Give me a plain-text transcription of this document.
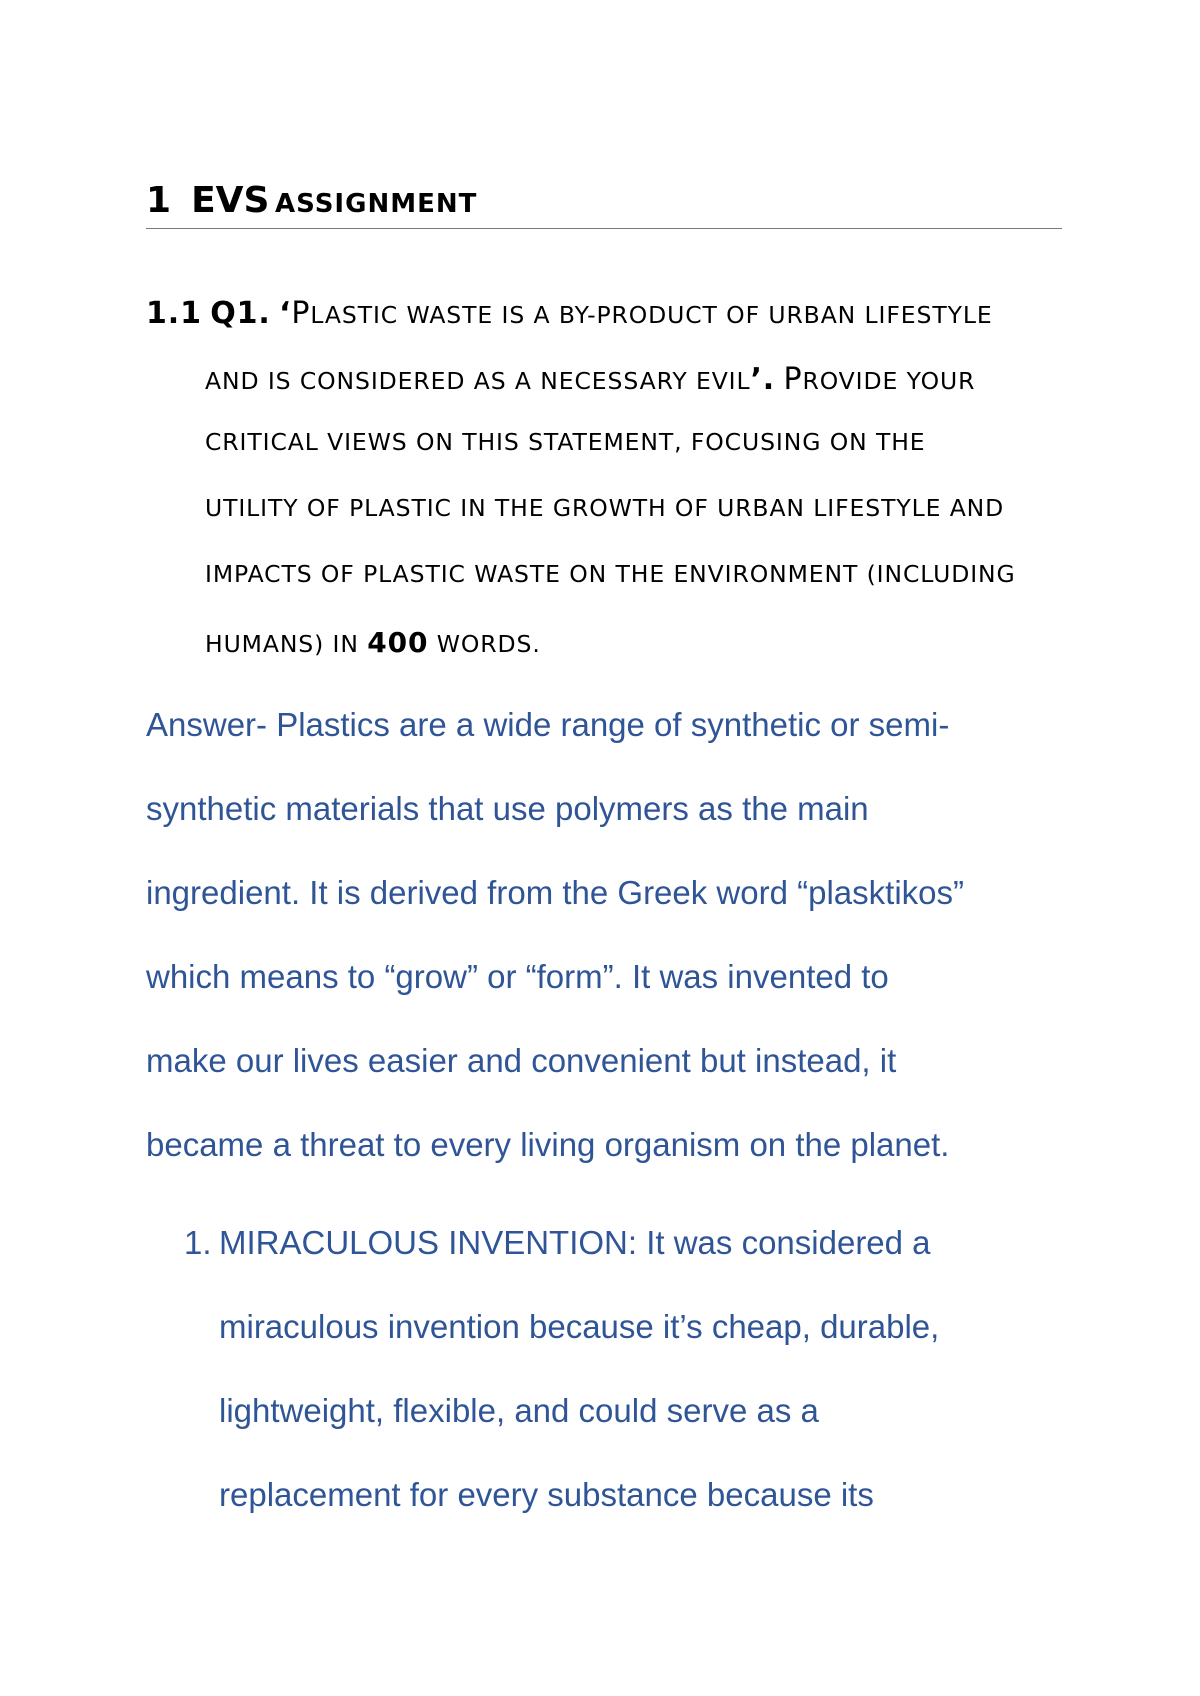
1 EVS ASSIGNMENT
1.1 Q1. ‘PLASTIC WASTE IS A BY-PRODUCT OF URBAN LIFESTYLE
AND IS CONSIDERED AS A NECESSARY EVIL’. PROVIDE YOUR
CRITICAL VIEWS ON THIS STATEMENT, FOCUSING ON THE
UTILITY OF PLASTIC IN THE GROWTH OF URBAN LIFESTYLE AND
IMPACTS OF PLASTIC WASTE ON THE ENVIRONMENT (INCLUDING
HUMANS) IN 400 WORDS.
Answer- Plastics are a wide range of synthetic or semi-
synthetic materials that use polymers as the main
ingredient. It is derived from the Greek word “plasktikos”
which means to “grow” or “form”. It was invented to
make our lives easier and convenient but instead, it
became a threat to every living organism on the planet.
1. MIRACULOUS INVENTION: It was considered a
miraculous invention because it’s cheap, durable,
lightweight, flexible, and could serve as a
replacement for every substance because its
